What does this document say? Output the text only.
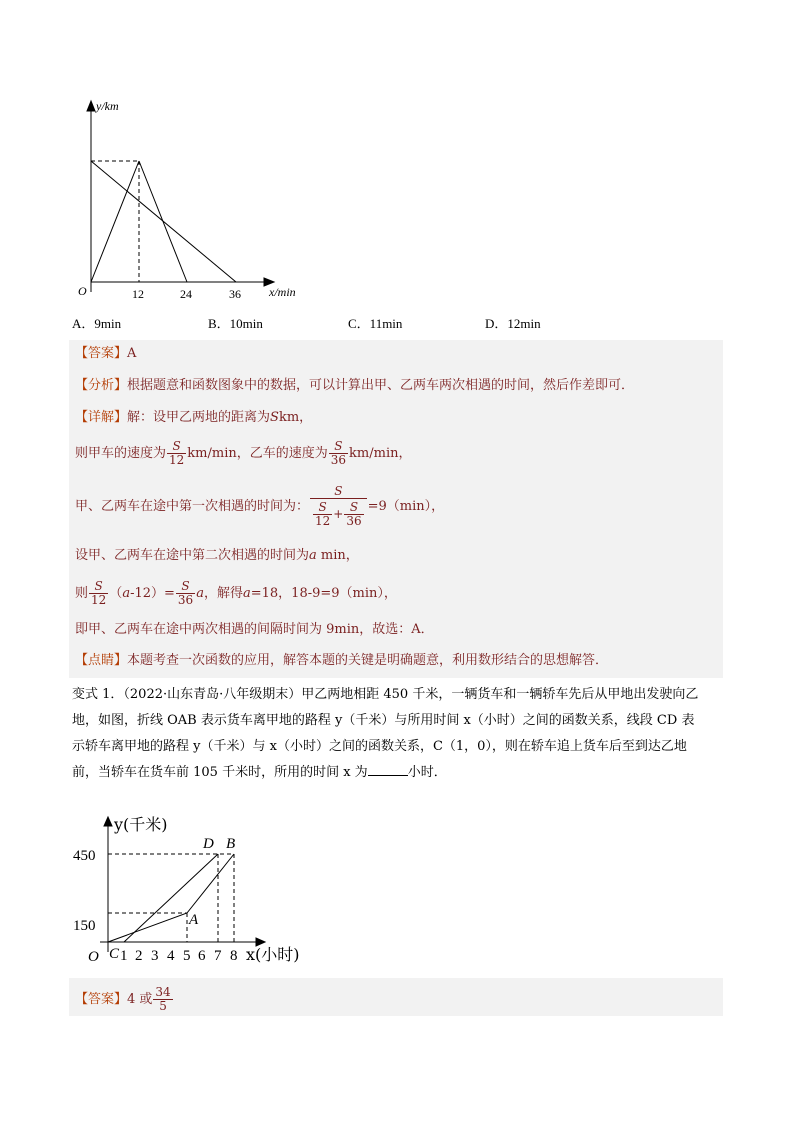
y/km
O	12	24	36 x/min
A．9min	B．10min	C．11min	D．12min
【答案】A
【分析】根据题意和函数图象中的数据，可以计算出甲、乙两车两次相遇的时间，然后作差即可．
【详解】解：设甲乙两地的距离为Skm，
则甲车的速度为 $\frac{S}{12} km/\min$，乙车的速度为 $\frac{S}{36} km/\min$，
甲、乙两车在途中第一次相遇的时间为： $\frac{S}{\frac{S}{12} + \frac{S}{36}} =9(\min)$，
设甲、乙两车在途中第二次相遇的时间为a min，
则 $\frac{S}{12} (a-12)= \frac{S}{36}$ a，解得a=18，18-9=9（min），
即甲、乙两车在途中两次相遇的间隔时间为 9min，故选：A．
【点睛】本题考查一次函数的应用，解答本题的关键是明确题意，利用数形结合的思想解答．
变式 1．（2022·山东青岛·八年级期末）甲乙两地相距 450 千米，一辆货车和一辆轿车先后从甲地出发驶向乙
地，如图，折线 OAB 表示货车离甲地的路程 y（千米）与所用时间 x（小时）之间的函数关系，线段 CD 表
示轿车离甲地的路程 y（千米）与 x（小时）之间的函数关系，C（1，0），则在轿车追上货车后至到达乙地
前，当轿车在货车前 105 千米时，所用的时间 x 为	小时．
y(千米)
450
150
O C 1 2 3 4 5 6 7 8 x(小时)
A
D B
【答案】4 或 $\frac{34}{5}$
